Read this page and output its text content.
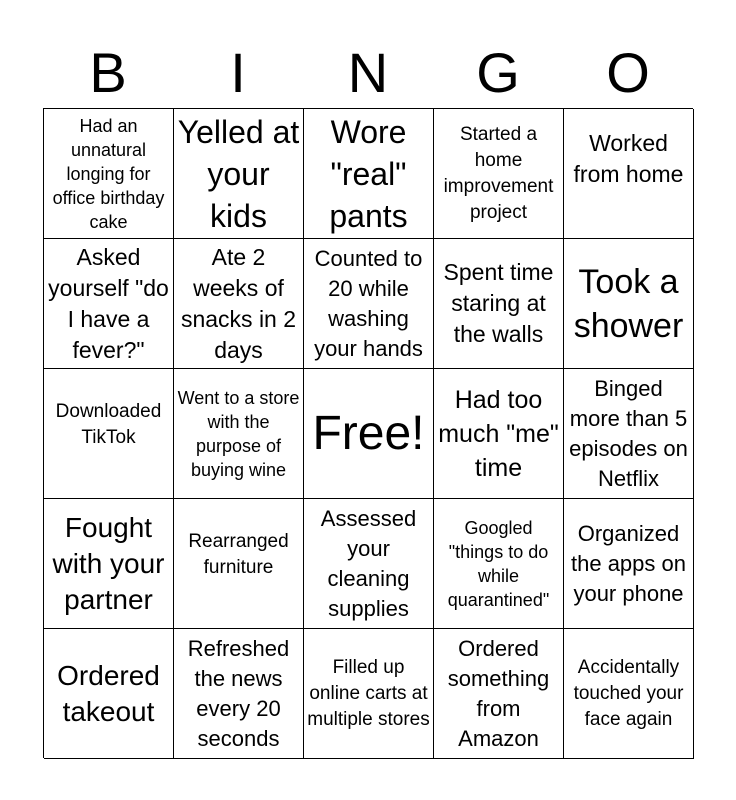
B	I	N	G	O
Had an unnatural longing for office birthday cake
Yelled at your kids
Wore "real" pants
Started a home improvement project
Worked from home
Asked yourself "do I have a fever?"
Ate 2 weeks of snacks in 2 days
Counted to 20 while washing your hands
Spent time staring at the walls
Took a shower
Downloaded TikTok
Went to a store with the purpose of buying wine
Free!
Had too much "me" time
Binged more than 5 episodes on Netflix
Fought with your partner
Rearranged furniture
Assessed your cleaning supplies
Googled "things to do while quarantined"
Organized the apps on your phone
Ordered takeout
Refreshed the news every 20 seconds
Filled up online carts at multiple stores
Ordered something from Amazon
Accidentally touched your face again
